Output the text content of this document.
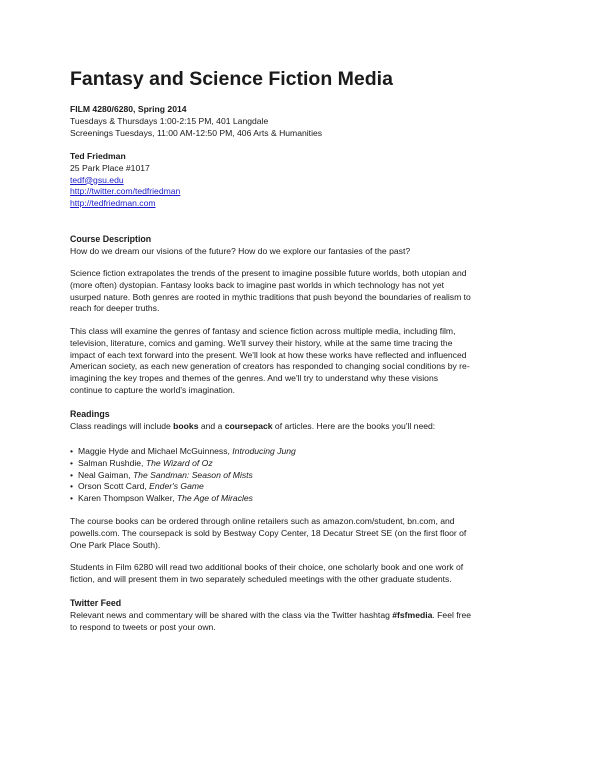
Fantasy and Science Fiction Media
FILM 4280/6280, Spring 2014
Tuesdays & Thursdays 1:00-2:15 PM, 401 Langdale
Screenings Tuesdays, 11:00 AM-12:50 PM, 406 Arts & Humanities
Ted Friedman
25 Park Place #1017
tedf@gsu.edu
http://twitter.com/tedfriedman
http://tedfriedman.com
Course Description
How do we dream our visions of the future? How do we explore our fantasies of the past?
Science fiction extrapolates the trends of the present to imagine possible future worlds, both utopian and
(more often) dystopian. Fantasy looks back to imagine past worlds in which technology has not yet
usurped nature. Both genres are rooted in mythic traditions that push beyond the boundaries of realism to
reach for deeper truths.
This class will examine the genres of fantasy and science fiction across multiple media, including film,
television, literature, comics and gaming. We'll survey their history, while at the same time tracing the
impact of each text forward into the present. We'll look at how these works have reflected and influenced
American society, as each new generation of creators has responded to changing social conditions by re-
imagining the key tropes and themes of the genres. And we'll try to understand why these visions
continue to capture the world's imagination.
Readings
Class readings will include books and a coursepack of articles. Here are the books you'll need:
• Maggie Hyde and Michael McGuinness, Introducing Jung
• Salman Rushdie, The Wizard of Oz
• Neal Gaiman, The Sandman: Season of Mists
• Orson Scott Card, Ender's Game
• Karen Thompson Walker, The Age of Miracles
The course books can be ordered through online retailers such as amazon.com/student, bn.com, and
powells.com. The coursepack is sold by Bestway Copy Center, 18 Decatur Street SE (on the first floor of
One Park Place South).
Students in Film 6280 will read two additional books of their choice, one scholarly book and one work of
fiction, and will present them in two separately scheduled meetings with the other graduate students.
Twitter Feed
Relevant news and commentary will be shared with the class via the Twitter hashtag #fsfmedia. Feel free
to respond to tweets or post your own.
